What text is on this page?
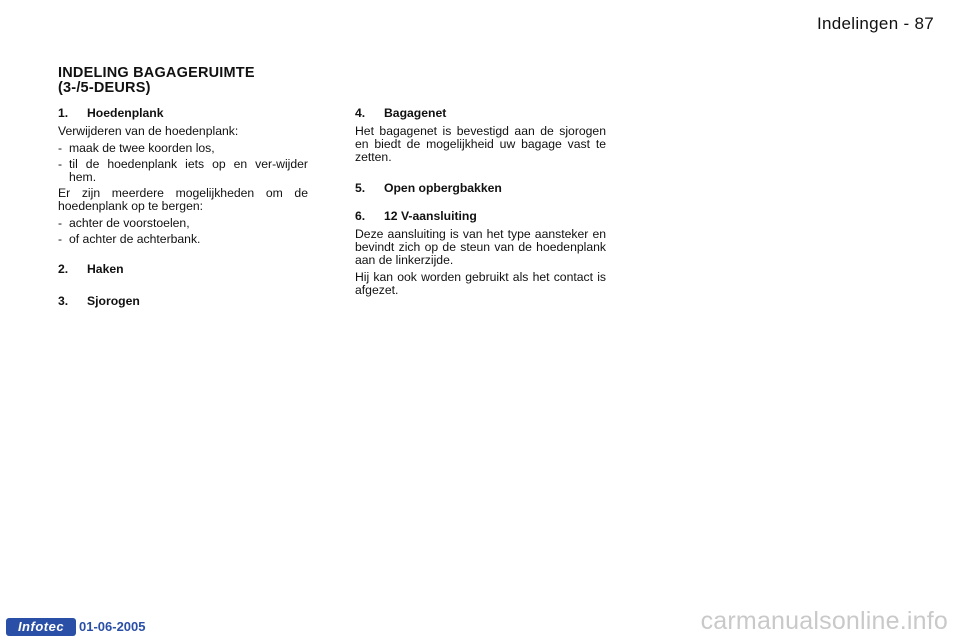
Indelingen - 87
INDELING BAGAGERUIMTE
(3-/5-DEURS)
1. Hoedenplank

Verwijderen van de hoedenplank:

- maak de twee koorden los,
- til de hoedenplank iets op en ver-wijder hem.

Er zijn meerdere mogelijkheden om de hoedenplank op te bergen:

- achter de voorstoelen,
- of achter de achterbank.
2. Haken
3. Sjorogen
4. Bagagenet

Het bagagenet is bevestigd aan de sjorogen en biedt de mogelijkheid uw bagage vast te zetten.

5. Open opbergbakken
6. 12 V-aansluiting

Deze aansluiting is van het type aansteker en bevindt zich op de steun van de hoedenplank aan de linkerzijde.

Hij kan ook worden gebruikt als het contact is afgezet.

Infotec	01-06-2005	carmanualsonline.info
